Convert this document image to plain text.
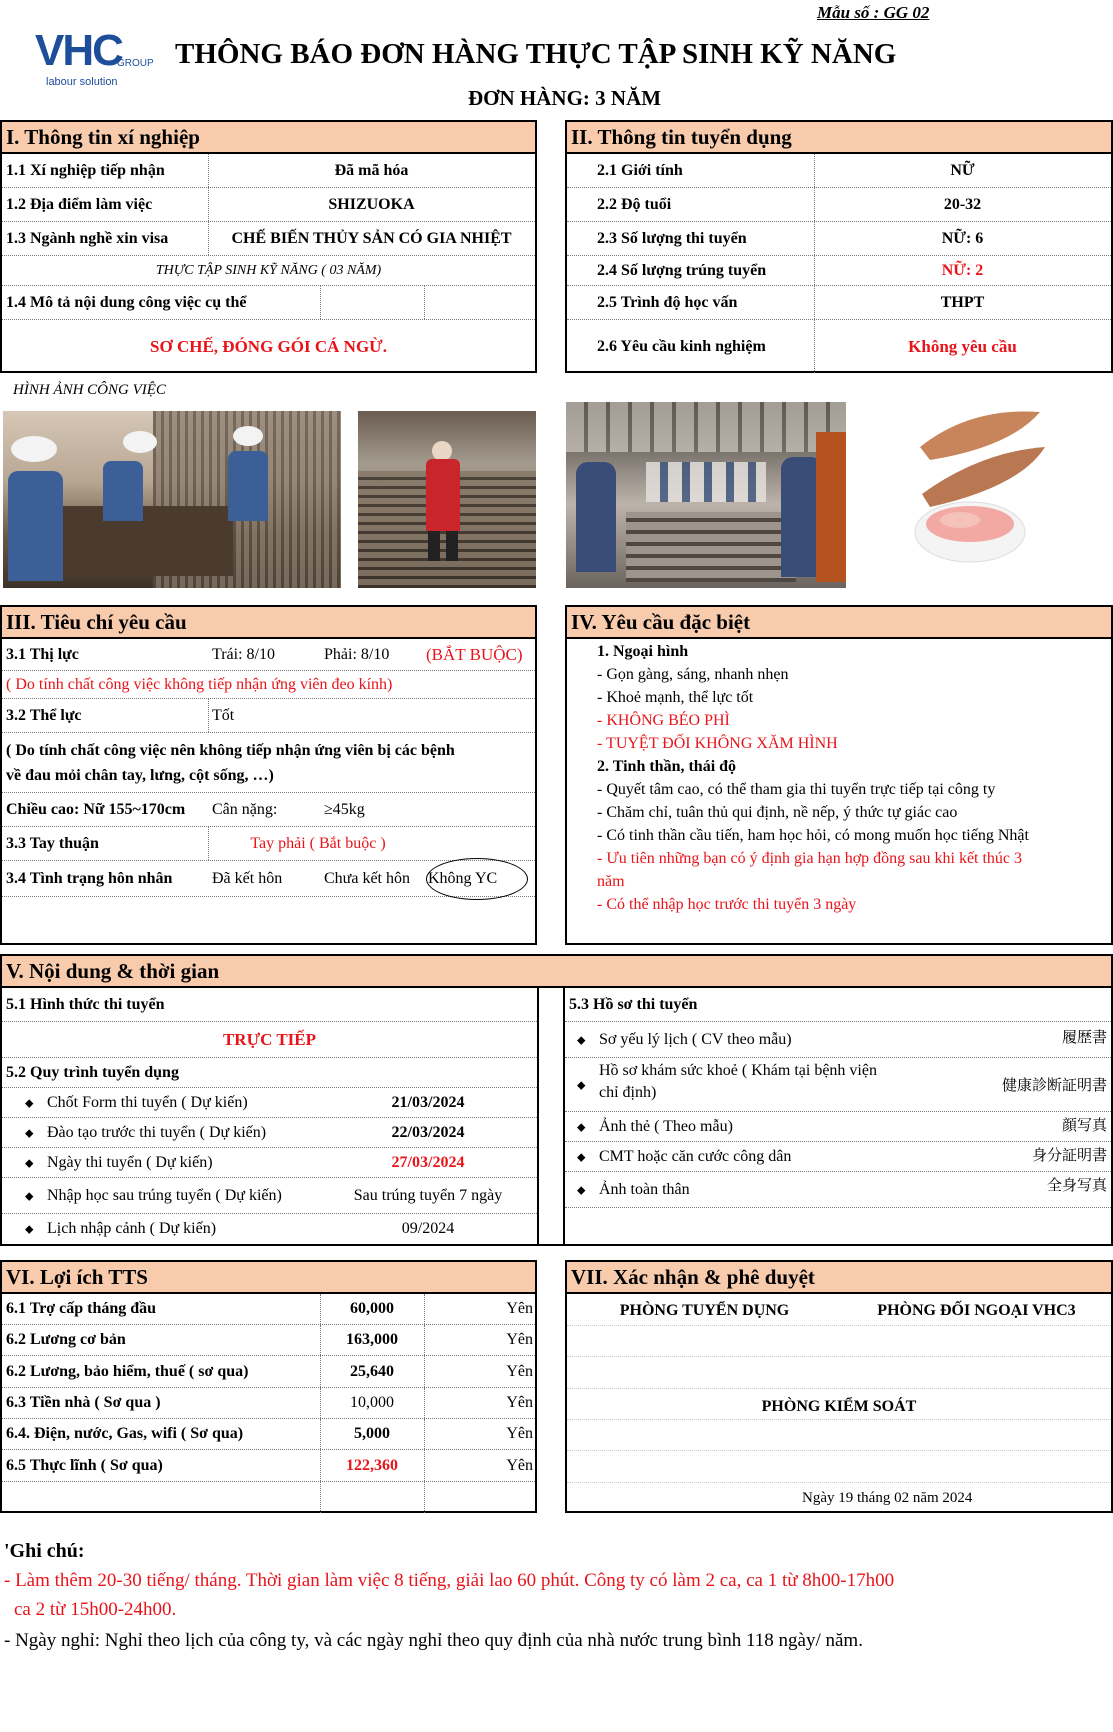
Mẫu số : GG 02
VHC
GROUP
labour solution
THÔNG BÁO ĐƠN HÀNG THỰC TẬP SINH KỸ NĂNG
ĐƠN HÀNG: 3 NĂM
I. Thông tin xí nghiệp
1.1 Xí nghiệp tiếp nhận	Đã mã hóa
1.2 Địa điểm làm việc	SHIZUOKA
1.3 Ngành nghề xin visa	CHẾ BIẾN THỦY SẢN CÓ GIA NHIỆT
THỰC TẬP SINH KỸ NĂNG ( 03 NĂM)
1.4 Mô tả nội dung công việc cụ thể
SƠ CHẾ, ĐÓNG GÓI CÁ NGỪ.
II. Thông tin tuyển dụng
2.1 Giới tính	NỮ
2.2 Độ tuổi	20-32
2.3 Số lượng thi tuyển	NỮ: 6
2.4 Số lượng trúng tuyển	NỮ: 2
2.5 Trình độ học vấn	THPT
2.6 Yêu cầu kinh nghiệm	Không yêu cầu
HÌNH ẢNH CÔNG VIỆC
III. Tiêu chí yêu cầu
3.1 Thị lực	Trái: 8/10	Phải: 8/10	(BẮT BUỘC)
( Do tính chất công việc không tiếp nhận ứng viên đeo kính)
3.2 Thể lực	Tốt
( Do tính chất công việc nên không tiếp nhận ứng viên bị các bệnh
về đau mỏi chân tay, lưng, cột sống, …)
Chiều cao: Nữ 155~170cm	Cân nặng:	≥45kg
3.3 Tay thuận	Tay phải ( Bắt buộc )
3.4 Tình trạng hôn nhân	Đã kết hôn	Chưa kết hôn	Không YC
IV. Yêu cầu đặc biệt
1. Ngoại hình
- Gọn gàng, sáng, nhanh nhẹn
- Khoẻ mạnh, thể lực tốt
- KHÔNG BÉO PHÌ
- TUYỆT ĐỐI KHÔNG XĂM HÌNH
2. Tinh thần, thái độ
- Quyết tâm cao, có thể tham gia thi tuyển trực tiếp tại công ty
- Chăm chỉ, tuân thủ qui định, nề nếp, ý thức tự giác cao
- Có tinh thần cầu tiến, ham học hỏi, có mong muốn học tiếng Nhật
- Ưu tiên những bạn có ý định gia hạn hợp đồng sau khi kết thúc 3
năm
- Có thể nhập học trước thi tuyển 3 ngày
V. Nội dung & thời gian
5.1 Hình thức thi tuyển
TRỰC TIẾP
5.2 Quy trình tuyển dụng
◆ Chốt Form thi tuyển ( Dự kiến)	21/03/2024
◆ Đào tạo trước thi tuyển ( Dự kiến)	22/03/2024
◆ Ngày thi tuyển ( Dự kiến)	27/03/2024
◆ Nhập học sau trúng tuyển ( Dự kiến)	Sau trúng tuyển 7 ngày
◆ Lịch nhập cảnh ( Dự kiến)	09/2024
5.3 Hồ sơ thi tuyển
◆ Sơ yếu lý lịch ( CV theo mẫu)	履歴書
◆
Hồ sơ khám sức khoẻ ( Khám tại bệnh viện
chỉ định)	健康診断証明書
◆ Ảnh thẻ ( Theo mẫu)	顔写真
◆ CMT hoặc căn cước công dân	身分証明書
◆ Ảnh toàn thân	全身写真
VI. Lợi ích TTS
6.1 Trợ cấp tháng đầu	60,000	Yên
6.2 Lương cơ bản	163,000	Yên
6.2 Lương, bảo hiểm, thuế ( sơ qua)	25,640	Yên
6.3 Tiền nhà ( Sơ qua )	10,000	Yên
6.4. Điện, nước, Gas, wifi ( Sơ qua)	5,000	Yên
6.5 Thực lĩnh ( Sơ qua)	122,360	Yên
VII. Xác nhận & phê duyệt
PHÒNG TUYỂN DỤNG	PHÒNG ĐỐI NGOẠI VHC3
PHÒNG KIỂM SOÁT
Ngày 19 tháng 02 năm 2024
'Ghi chú:
- Làm thêm 20-30 tiếng/ tháng. Thời gian làm việc 8 tiếng, giải lao 60 phút. Công ty có làm 2 ca, ca 1 từ 8h00-17h00
ca 2 từ 15h00-24h00.
- Ngày nghỉ: Nghỉ theo lịch của công ty, và các ngày nghỉ theo quy định của nhà nước trung bình 118 ngày/ năm.
